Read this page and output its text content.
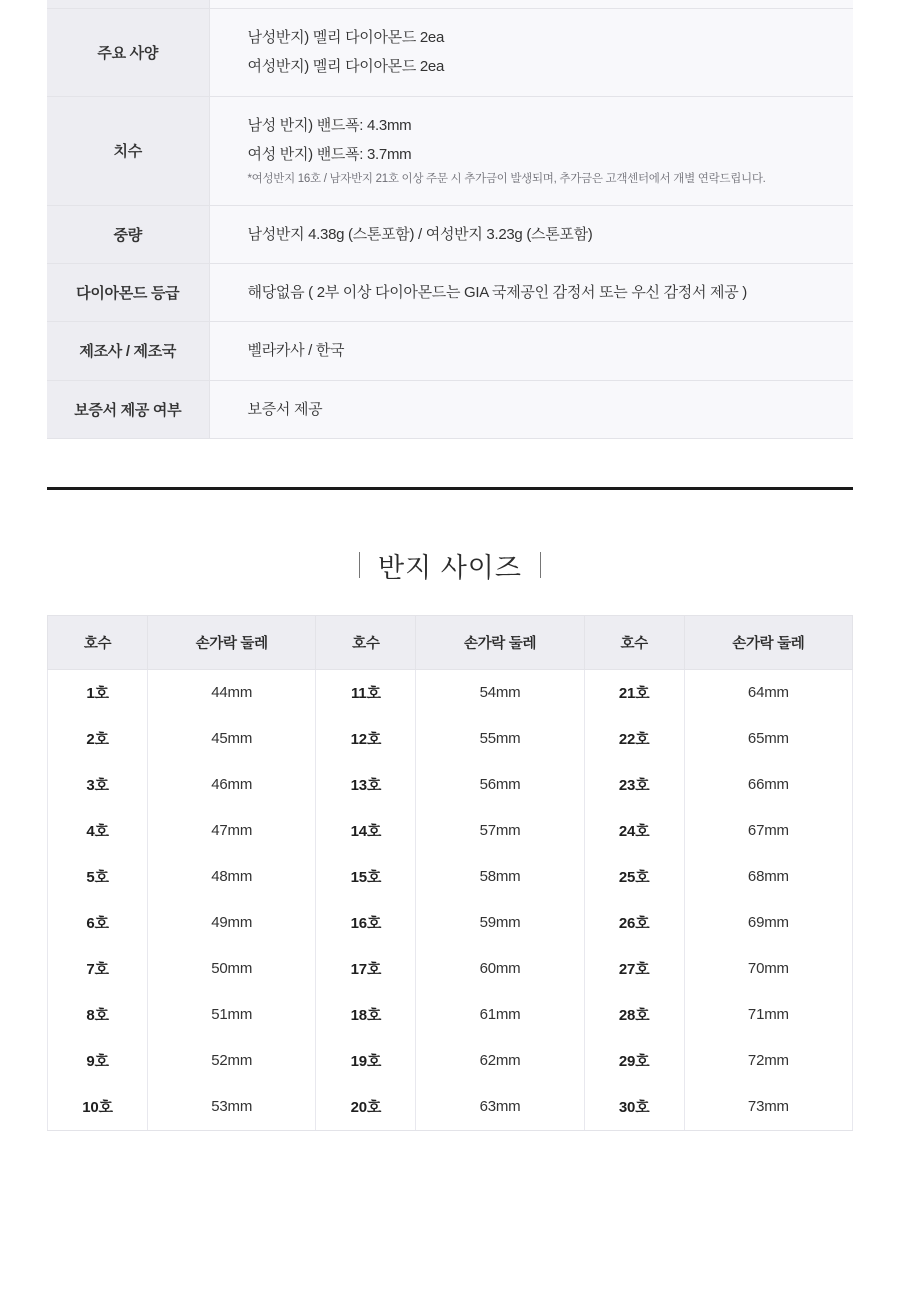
주요 사양	남성반지) 멜리 다이아몬드 2ea
여성반지) 멜리 다이아몬드 2ea

치수	남성 반지) 밴드폭: 4.3mm
여성 반지) 밴드폭: 3.7mm
*여성반지 16호 / 남자반지 21호 이상 주문 시 추가금이 발생되며, 추가금은 고객센터에서 개별 연락드립니다.

중량	남성반지 4.38g (스톤포함) / 여성반지 3.23g (스톤포함)

다이아몬드 등급	해당없음 ( 2부 이상 다이아몬드는 GIA 국제공인 감정서 또는 우신 감정서 제공 )

제조사 / 제조국	벨라카사 / 한국

보증서 제공 여부	보증서 제공
반지 사이즈
호수	손가락 둘레	호수	손가락 둘레	호수	손가락 둘레
1호	44mm	11호	54mm	21호	64mm
2호	45mm	12호	55mm	22호	65mm
3호	46mm	13호	56mm	23호	66mm
4호	47mm	14호	57mm	24호	67mm
5호	48mm	15호	58mm	25호	68mm
6호	49mm	16호	59mm	26호	69mm
7호	50mm	17호	60mm	27호	70mm
8호	51mm	18호	61mm	28호	71mm
9호	52mm	19호	62mm	29호	72mm
10호	53mm	20호	63mm	30호	73mm
